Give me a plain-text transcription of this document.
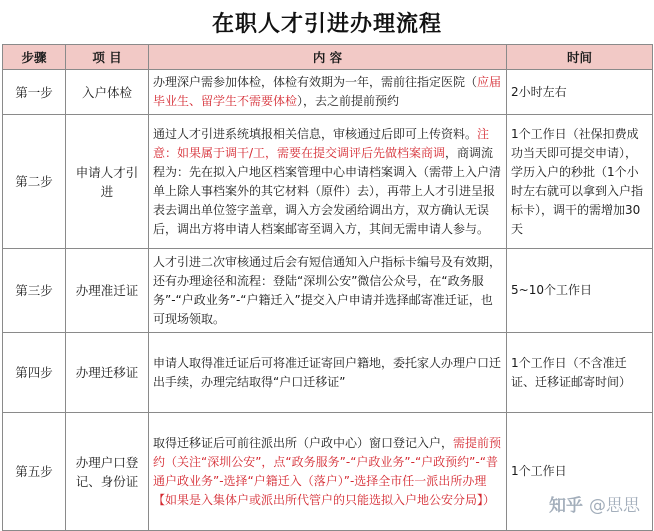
在职人才引进办理流程
步骤	项 目	内 容	时间
第一步	入户体检	办理深户需参加体检，体检有效期为一年，需前往指定医院（应届毕业生、留学生不需要体检），去之前提前预约	2小时左右
第二步	申请人才引进	通过人才引进系统填报相关信息，审核通过后即可上传资料。注意：如果属于调干/工，需要在提交调评后先做档案商调，商调流程为：先在拟入户地区档案管理中心申请档案调入（需带上入户清单上除人事档案外的其它材料（原件）去），再带上人才引进呈报表去调出单位签字盖章，调入方会发函给调出方，双方确认无误后，调出方将申请人档案邮寄至调入方，其间无需申请人参与。	1个工作日（社保扣费成功当天即可提交申请），学历入户的秒批（1个小时左右就可以拿到入户指标卡），调干的需增加30天
第三步	办理准迁证	人才引进二次审核通过后会有短信通知入户指标卡编号及有效期，还有办理途径和流程：登陆“深圳公安”微信公众号，在“政务服务”-“户政业务”-“户籍迁入”提交入户申请并选择邮寄准迁证，也可现场领取。	5~10个工作日
第四步	办理迁移证	申请人取得准迁证后可将准迁证寄回户籍地，委托家人办理户口迁出手续，办理完结取得“户口迁移证”	1个工作日（不含准迁证、迁移证邮寄时间）
第五步	办理户口登记、身份证	取得迁移证后可前往派出所（户政中心）窗口登记入户，需提前预约（关注“深圳公安”，点“政务服务”-“户政业务”-“户政预约”-“普通户政业务”-选择“户籍迁入（落户）”-选择全市任一派出所办理【如果是入集体户或派出所代管户的只能选拟入户地公安分局】）	1个工作日
知乎 @思思
